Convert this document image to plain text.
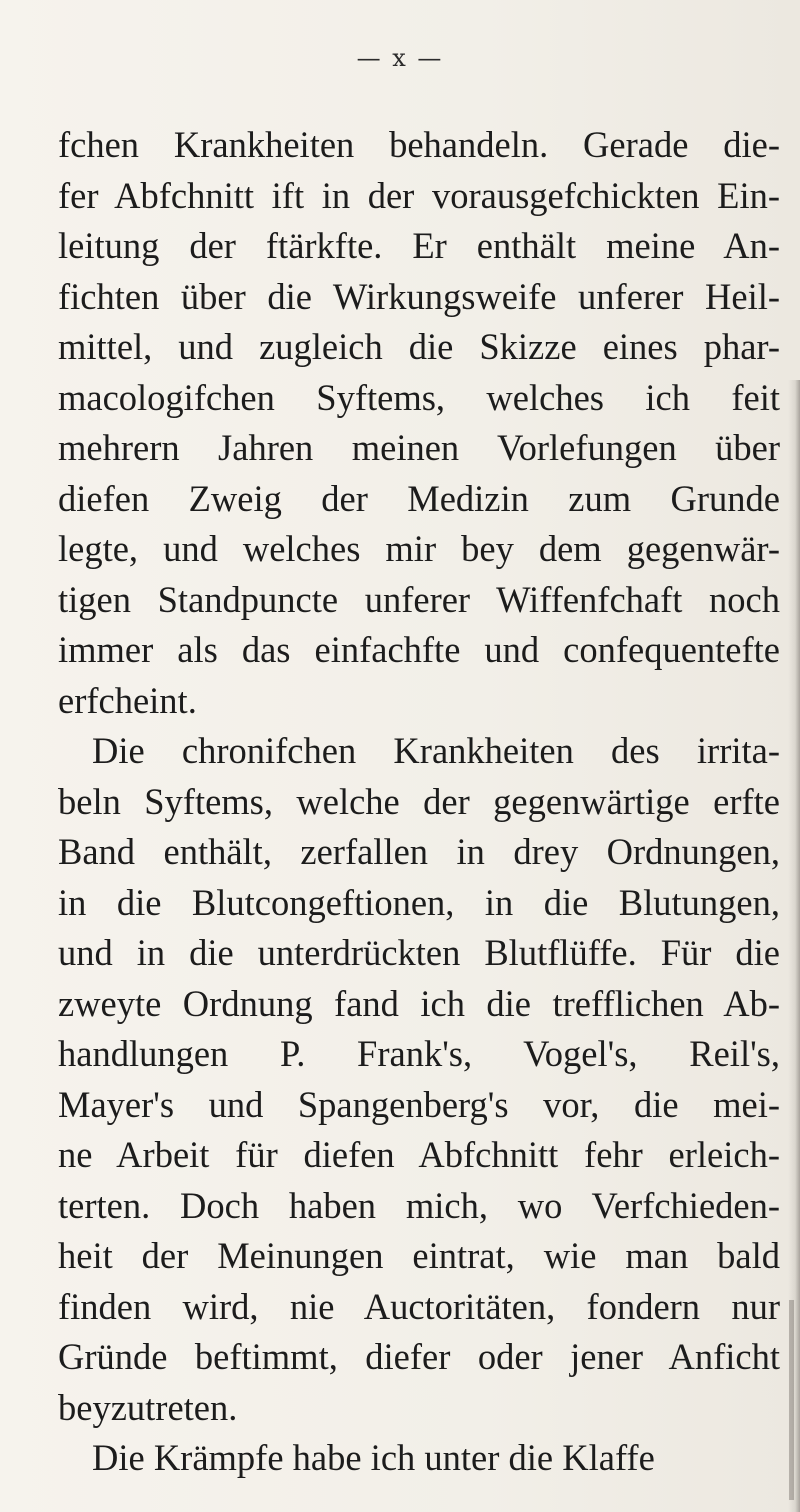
— x —
fchen Krankheiten behandeln. Gerade die-
fer Abfchnitt ift in der vorausgefchickten Ein-
leitung der ftärkfte. Er enthält meine An-
fichten über die Wirkungsweife unferer Heil-
mittel, und zugleich die Skizze eines phar-
macologifchen Syftems, welches ich feit
mehrern Jahren meinen Vorlefungen über
diefen Zweig der Medizin zum Grunde
legte, und welches mir bey dem gegenwär-
tigen Standpuncte unferer Wiffenfchaft noch
immer als das einfachfte und confequentefte
erfcheint.
Die chronifchen Krankheiten des irrita-
beln Syftems, welche der gegenwärtige erfte
Band enthält, zerfallen in drey Ordnungen,
in die Blutcongeftionen, in die Blutungen,
und in die unterdrückten Blutflüffe. Für die
zweyte Ordnung fand ich die trefflichen Ab-
handlungen P. Frank's, Vogel's, Reil's,
Mayer's und Spangenberg's vor, die mei-
ne Arbeit für diefen Abfchnitt fehr erleich-
terten. Doch haben mich, wo Verfchieden-
heit der Meinungen eintrat, wie man bald
finden wird, nie Auctoritäten, fondern nur
Gründe beftimmt, diefer oder jener Anficht
beyzutreten.
Die Krämpfe habe ich unter die Klaffe
